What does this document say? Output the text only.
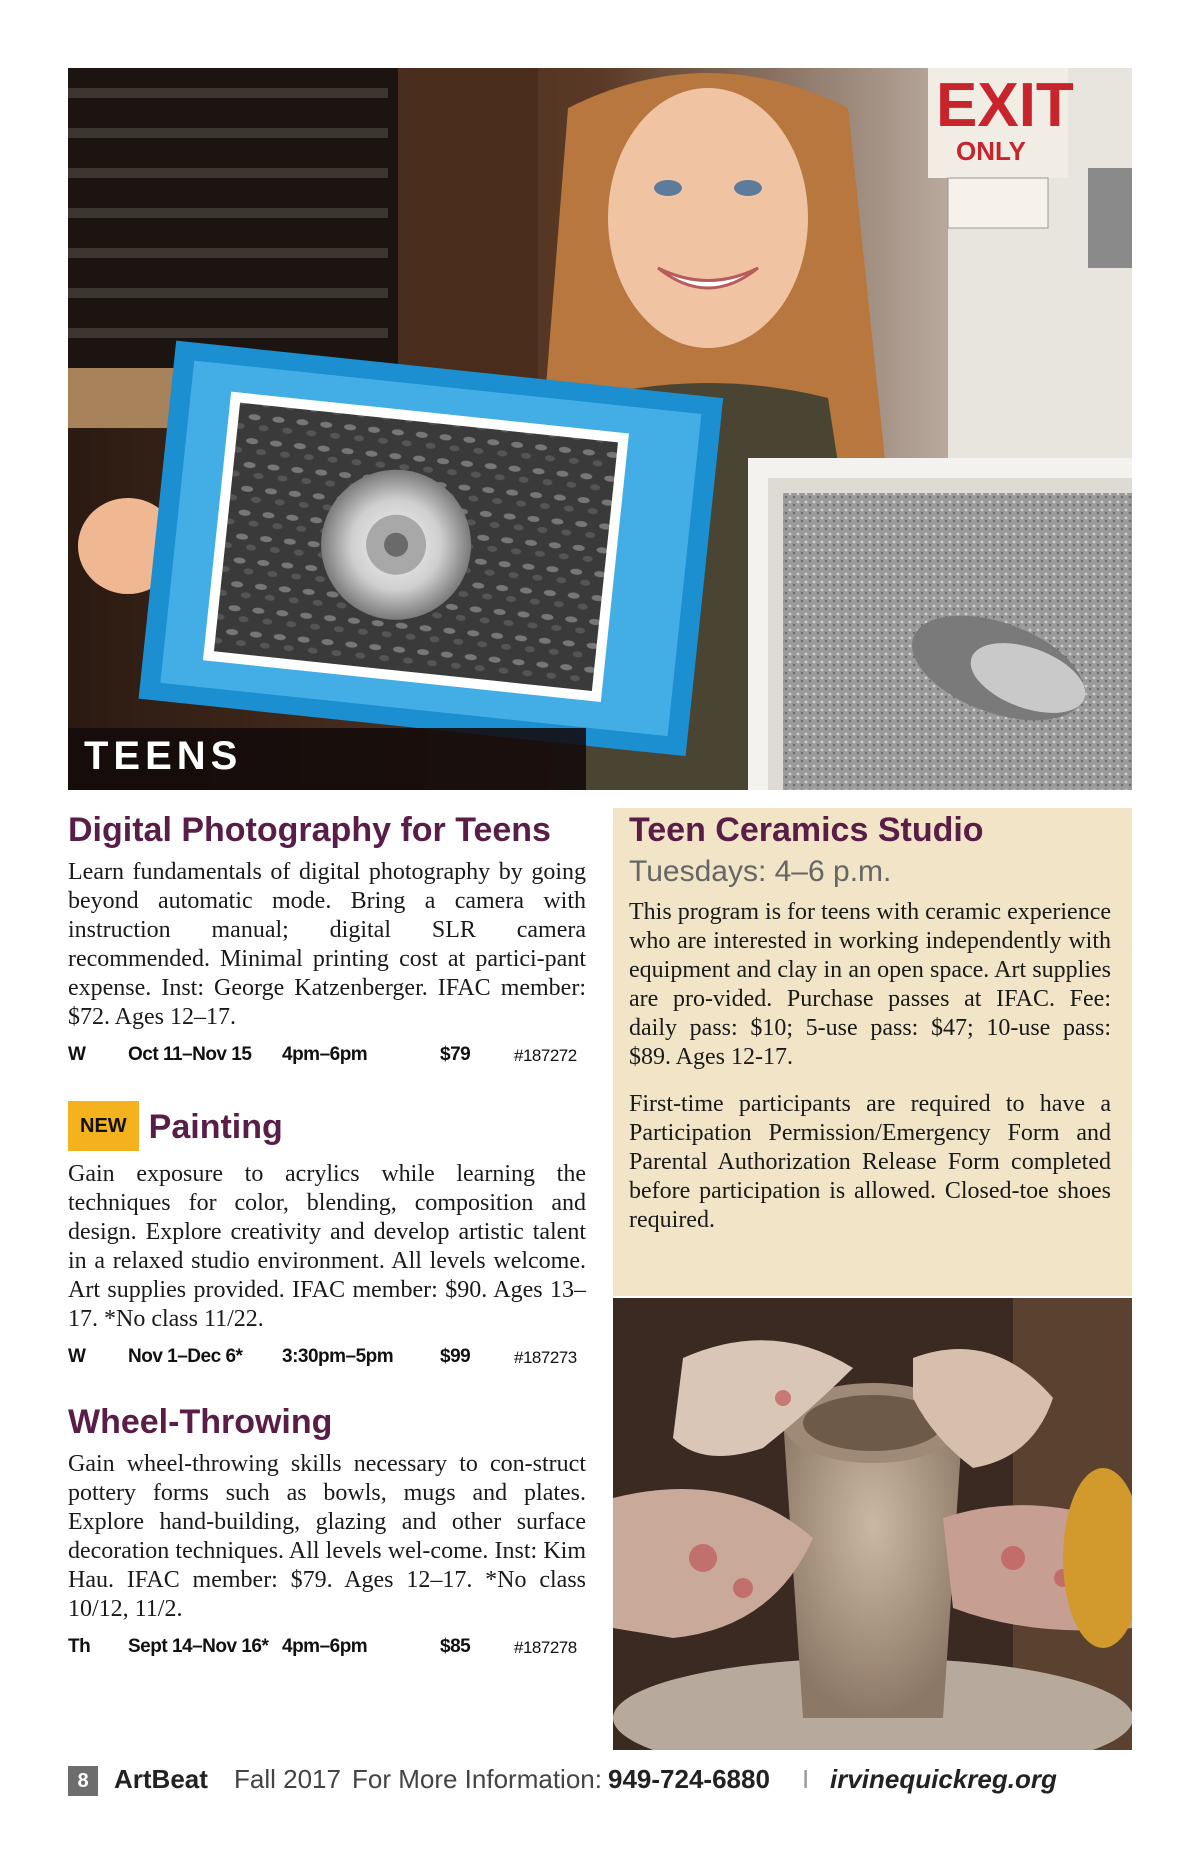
EXIT
ONLY
TEENS
Digital Photography for Teens

Learn fundamentals of digital photography by going beyond automatic mode. Bring a camera with instruction manual; digital SLR camera recommended. Minimal printing cost at partici-pant expense. Inst: George Katzenberger. IFAC member: $72. Ages 12–17.

W Oct 11–Nov 15 4pm–6pm	$79	#187272
NEW Painting

Gain exposure to acrylics while learning the techniques for color, blending, composition and design. Explore creativity and develop artistic talent in a relaxed studio environment. All levels welcome. Art supplies provided. IFAC member: $90. Ages 13–17. *No class 11/22.

W Nov 1–Dec 6* 3:30pm–5pm $99	#187273
Wheel-Throwing

Gain wheel-throwing skills necessary to con-struct pottery forms such as bowls, mugs and plates. Explore hand-building, glazing and other surface decoration techniques. All levels wel-come. Inst: Kim Hau. IFAC member: $79. Ages 12–17. *No class 10/12, 11/2.

Th Sept 14–Nov 16* 4pm–6pm	$85	#187278
Teen Ceramics Studio
Tuesdays: 4–6 p.m.

This program is for teens with ceramic experience who are interested in working independently with equipment and clay in an open space. Art supplies are pro-vided. Purchase passes at IFAC. Fee: daily pass: $10; 5-use pass: $47; 10-use pass: $89. Ages 12-17.

First-time participants are required to have a Participation Permission/Emergency Form and Parental Authorization Release Form completed before participation is allowed. Closed-toe shoes required.

8 ArtBeat Fall 2017 For More Information: 949-724-6880 I irvinequickreg.org
